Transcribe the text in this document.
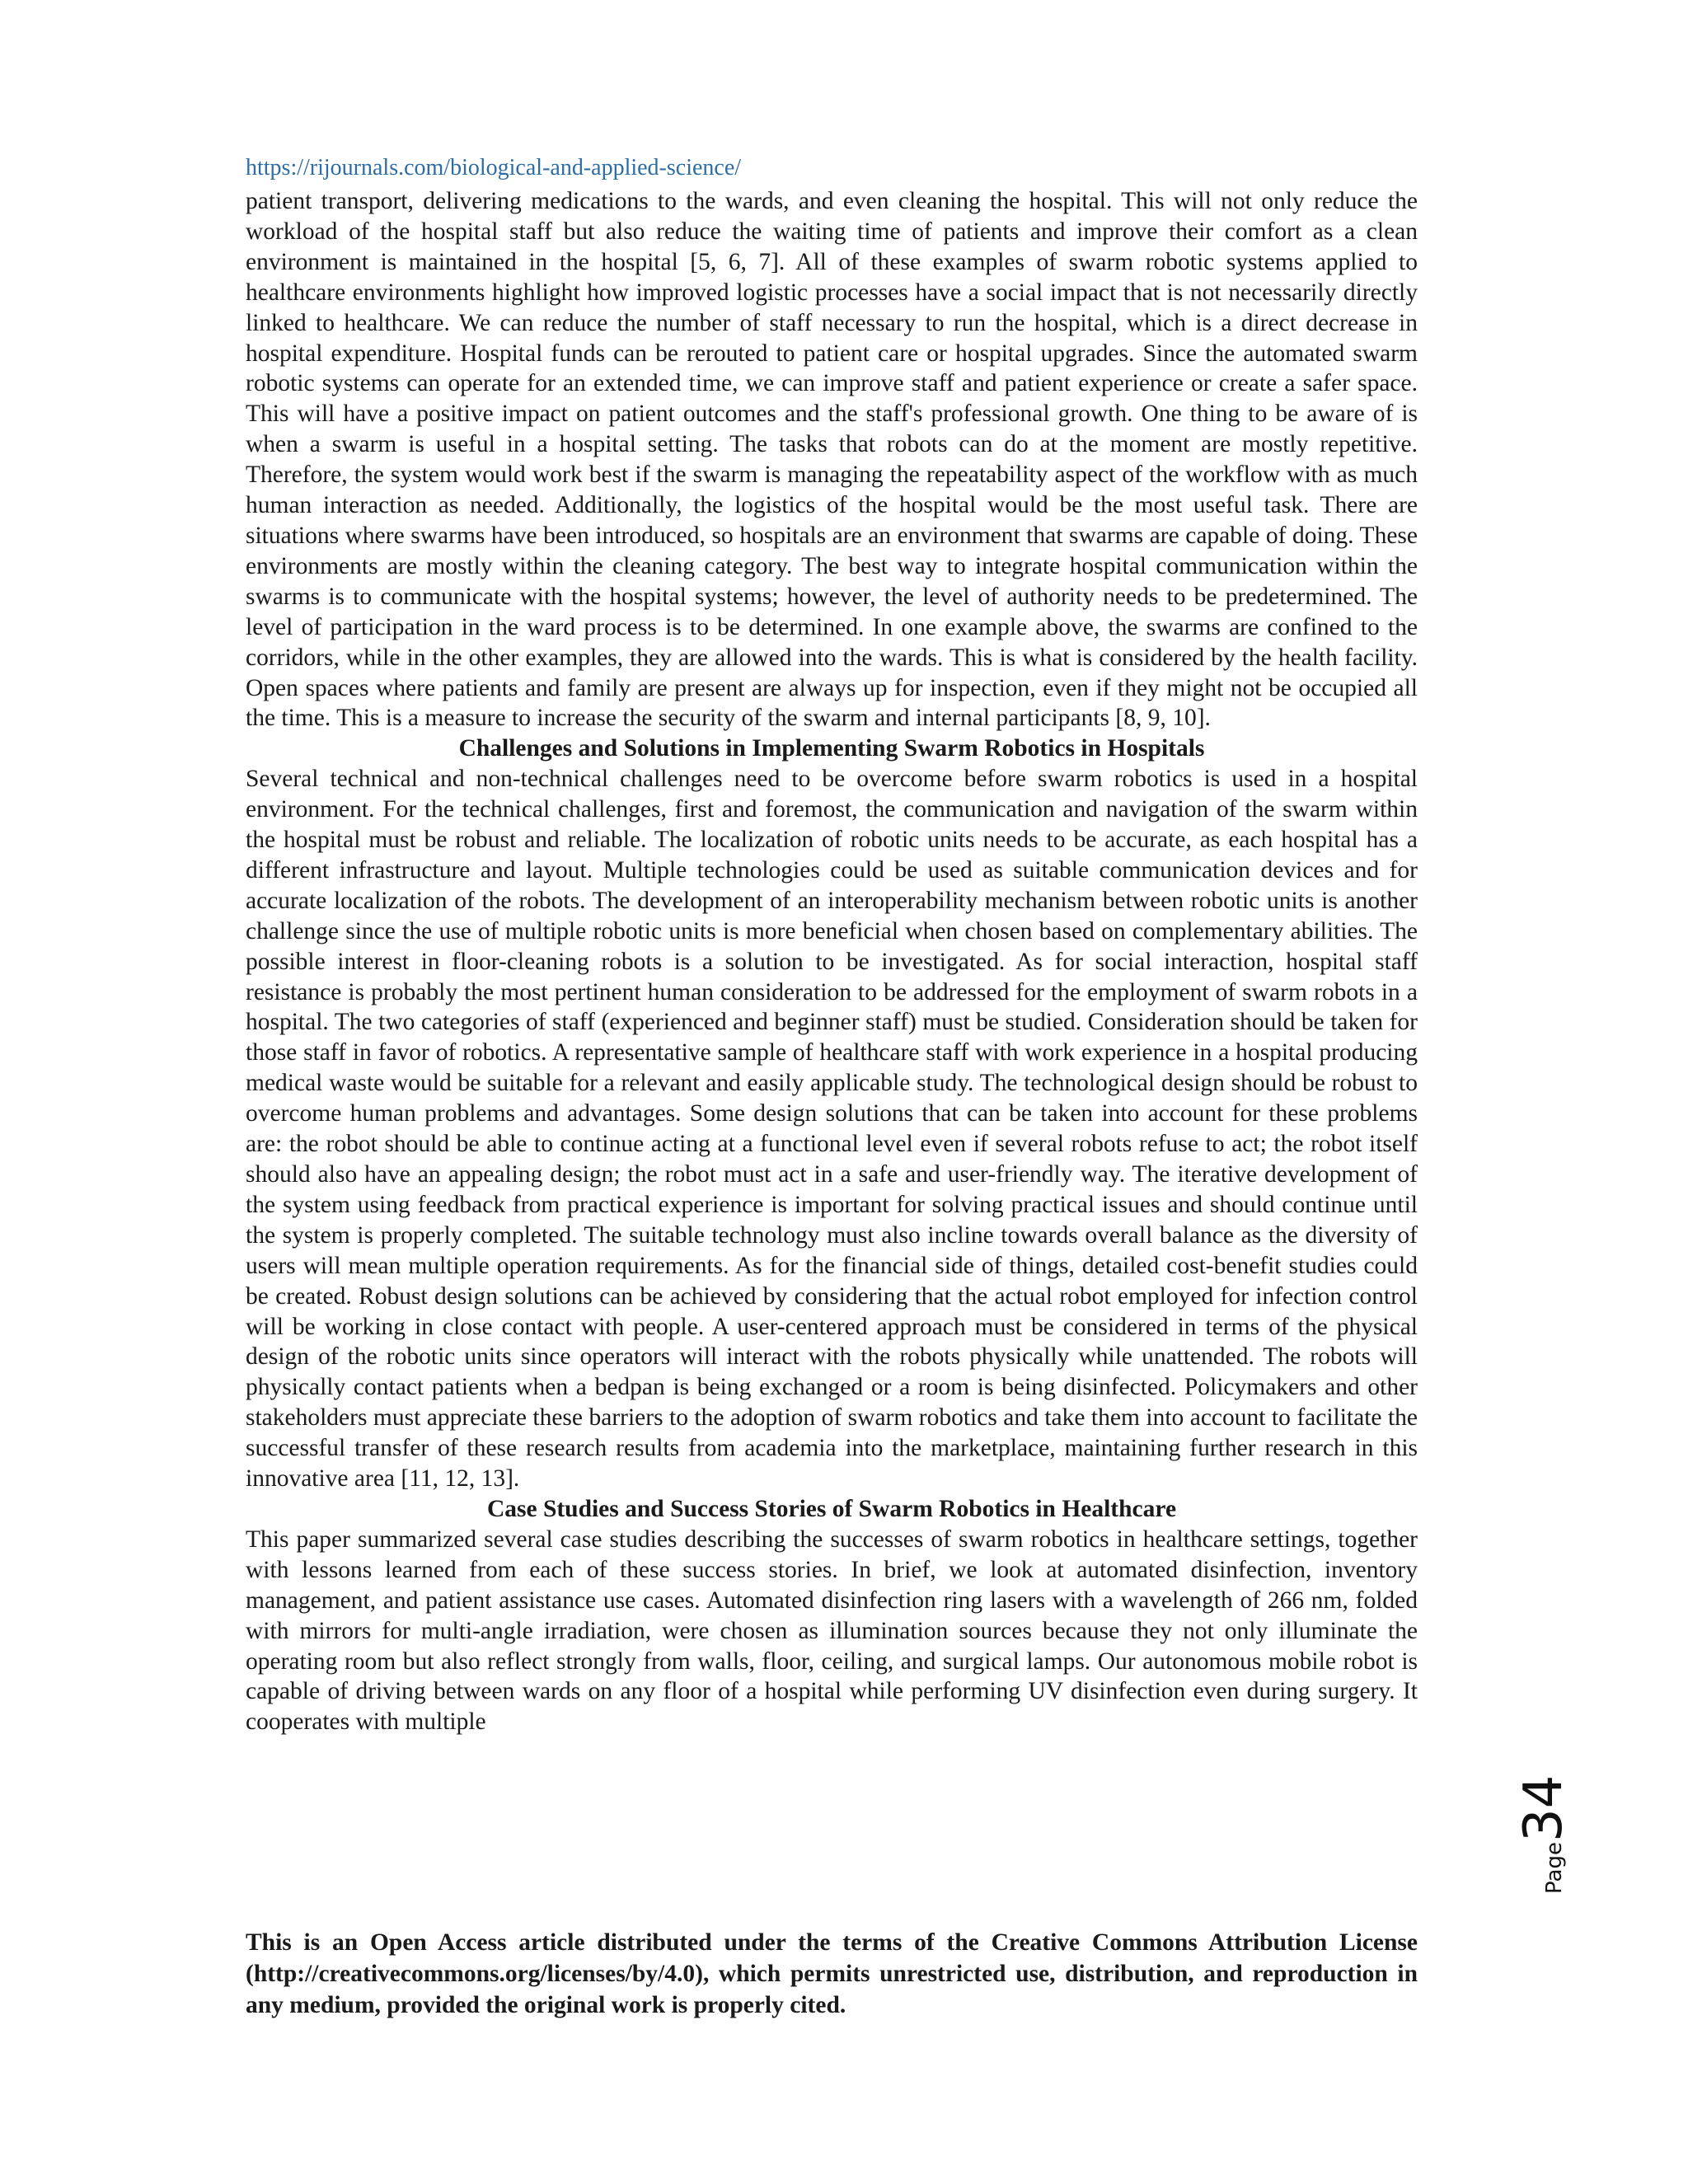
https://rijournals.com/biological-and-applied-science/

patient transport, delivering medications to the wards, and even cleaning the hospital. This will not only reduce the workload of the hospital staff but also reduce the waiting time of patients and improve their comfort as a clean environment is maintained in the hospital [5, 6, 7]. All of these examples of swarm robotic systems applied to healthcare environments highlight how improved logistic processes have a social impact that is not necessarily directly linked to healthcare. We can reduce the number of staff necessary to run the hospital, which is a direct decrease in hospital expenditure. Hospital funds can be rerouted to patient care or hospital upgrades. Since the automated swarm robotic systems can operate for an extended time, we can improve staff and patient experience or create a safer space. This will have a positive impact on patient outcomes and the staff's professional growth. One thing to be aware of is when a swarm is useful in a hospital setting. The tasks that robots can do at the moment are mostly repetitive. Therefore, the system would work best if the swarm is managing the repeatability aspect of the workflow with as much human interaction as needed. Additionally, the logistics of the hospital would be the most useful task. There are situations where swarms have been introduced, so hospitals are an environment that swarms are capable of doing. These environments are mostly within the cleaning category. The best way to integrate hospital communication within the swarms is to communicate with the hospital systems; however, the level of authority needs to be predetermined. The level of participation in the ward process is to be determined. In one example above, the swarms are confined to the corridors, while in the other examples, they are allowed into the wards. This is what is considered by the health facility. Open spaces where patients and family are present are always up for inspection, even if they might not be occupied all the time. This is a measure to increase the security of the swarm and internal participants [8, 9, 10].

Challenges and Solutions in Implementing Swarm Robotics in Hospitals

Several technical and non-technical challenges need to be overcome before swarm robotics is used in a hospital environment. For the technical challenges, first and foremost, the communication and navigation of the swarm within the hospital must be robust and reliable. The localization of robotic units needs to be accurate, as each hospital has a different infrastructure and layout. Multiple technologies could be used as suitable communication devices and for accurate localization of the robots. The development of an interoperability mechanism between robotic units is another challenge since the use of multiple robotic units is more beneficial when chosen based on complementary abilities. The possible interest in floor-cleaning robots is a solution to be investigated. As for social interaction, hospital staff resistance is probably the most pertinent human consideration to be addressed for the employment of swarm robots in a hospital. The two categories of staff (experienced and beginner staff) must be studied. Consideration should be taken for those staff in favor of robotics. A representative sample of healthcare staff with work experience in a hospital producing medical waste would be suitable for a relevant and easily applicable study. The technological design should be robust to overcome human problems and advantages. Some design solutions that can be taken into account for these problems are: the robot should be able to continue acting at a functional level even if several robots refuse to act; the robot itself should also have an appealing design; the robot must act in a safe and user-friendly way. The iterative development of the system using feedback from practical experience is important for solving practical issues and should continue until the system is properly completed. The suitable technology must also incline towards overall balance as the diversity of users will mean multiple operation requirements. As for the financial side of things, detailed cost-benefit studies could be created. Robust design solutions can be achieved by considering that the actual robot employed for infection control will be working in close contact with people. A user-centered approach must be considered in terms of the physical design of the robotic units since operators will interact with the robots physically while unattended. The robots will physically contact patients when a bedpan is being exchanged or a room is being disinfected. Policymakers and other stakeholders must appreciate these barriers to the adoption of swarm robotics and take them into account to facilitate the successful transfer of these research results from academia into the marketplace, maintaining further research in this innovative area [11, 12, 13].

Case Studies and Success Stories of Swarm Robotics in Healthcare

This paper summarized several case studies describing the successes of swarm robotics in healthcare settings, together with lessons learned from each of these success stories. In brief, we look at automated disinfection, inventory management, and patient assistance use cases. Automated disinfection ring lasers with a wavelength of 266 nm, folded with mirrors for multi-angle irradiation, were chosen as illumination sources because they not only illuminate the operating room but also reflect strongly from walls, floor, ceiling, and surgical lamps. Our autonomous mobile robot is capable of driving between wards on any floor of a hospital while performing UV disinfection even during surgery. It cooperates with multiple

This is an Open Access article distributed under the terms of the Creative Commons Attribution License (http://creativecommons.org/licenses/by/4.0), which permits unrestricted use, distribution, and reproduction in any medium, provided the original work is properly cited.

Page34
